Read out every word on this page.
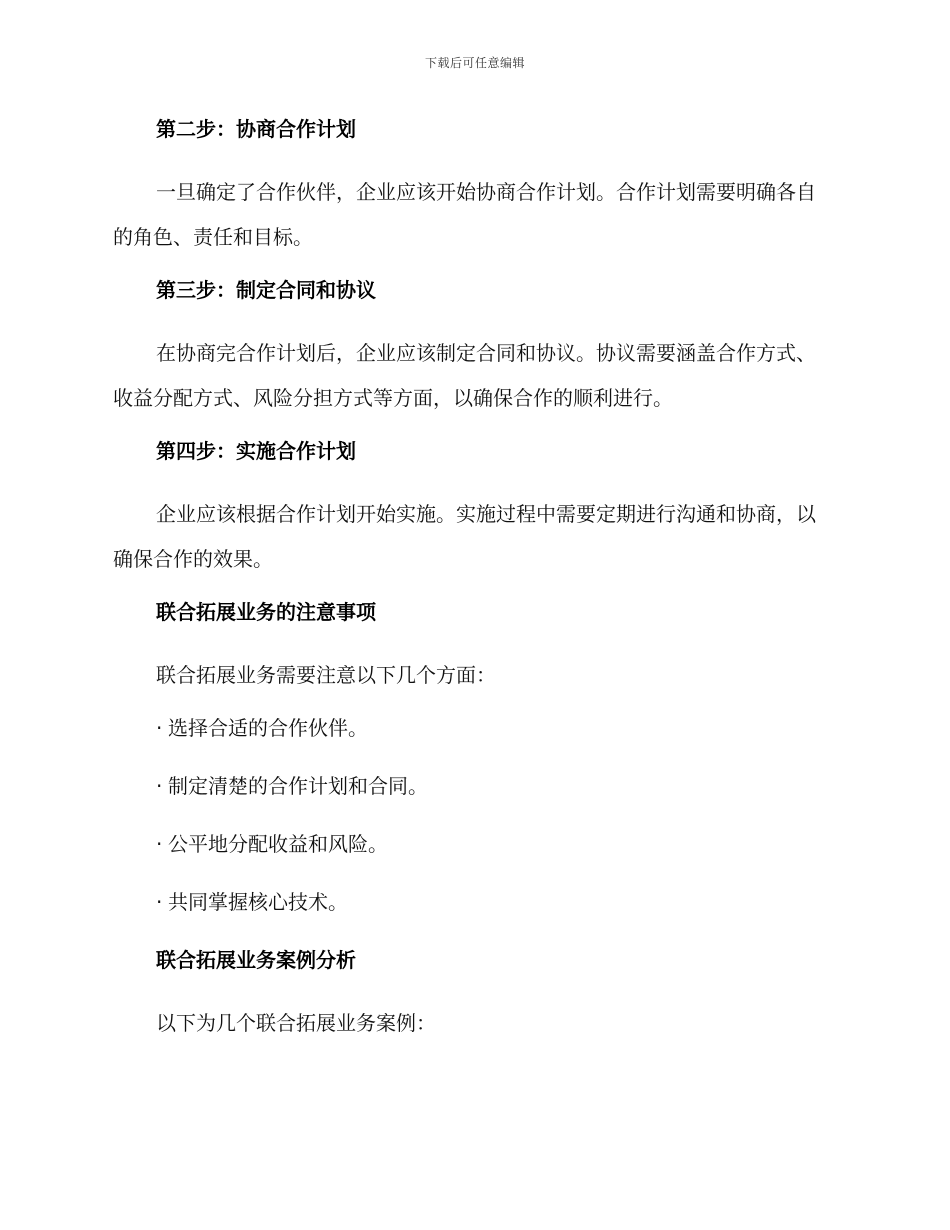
下载后可任意编辑
第二步：协商合作计划
一旦确定了合作伙伴，企业应该开始协商合作计划。合作计划需要明确各自的角色、责任和目标。
第三步：制定合同和协议
在协商完合作计划后，企业应该制定合同和协议。协议需要涵盖合作方式、收益分配方式、风险分担方式等方面，以确保合作的顺利进行。
第四步：实施合作计划
企业应该根据合作计划开始实施。实施过程中需要定期进行沟通和协商，以确保合作的效果。
联合拓展业务的注意事项
联合拓展业务需要注意以下几个方面：
· 选择合适的合作伙伴。
· 制定清楚的合作计划和合同。
· 公平地分配收益和风险。
· 共同掌握核心技术。
联合拓展业务案例分析
以下为几个联合拓展业务案例：
